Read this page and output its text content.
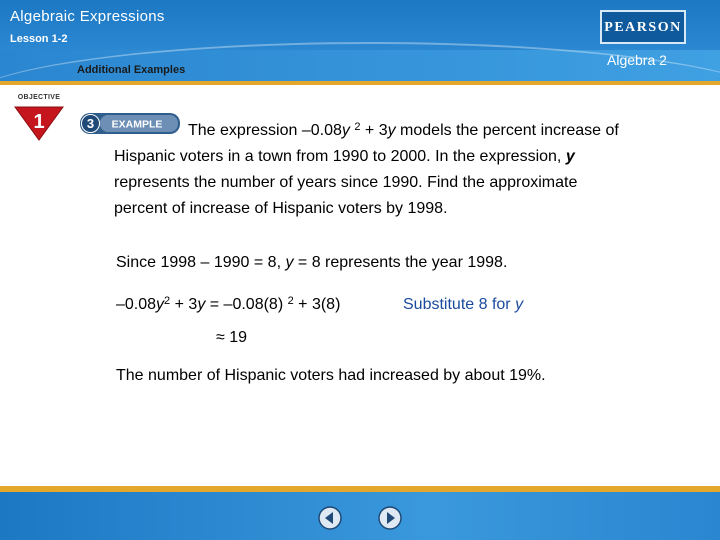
Algebraic Expressions
Lesson 1-2
Additional Examples
Algebra 2
PEARSON
OBJECTIVE
1	3 EXAMPLE	The expression –0.08y $^2$ + 3y models the percent increase of
Hispanic voters in a town from 1990 to 2000. In the expression, y
represents the number of years since 1990. Find the approximate
percent of increase of Hispanic voters by 1998.
Since 1998 – 1990 = 8, y = 8 represents the year 1998.
$-0.08y^2 + 3y = -0.08(8) ^2 + 3(8)$	Substitute 8 for y
≈ 19
The number of Hispanic voters had increased by about 19%.
